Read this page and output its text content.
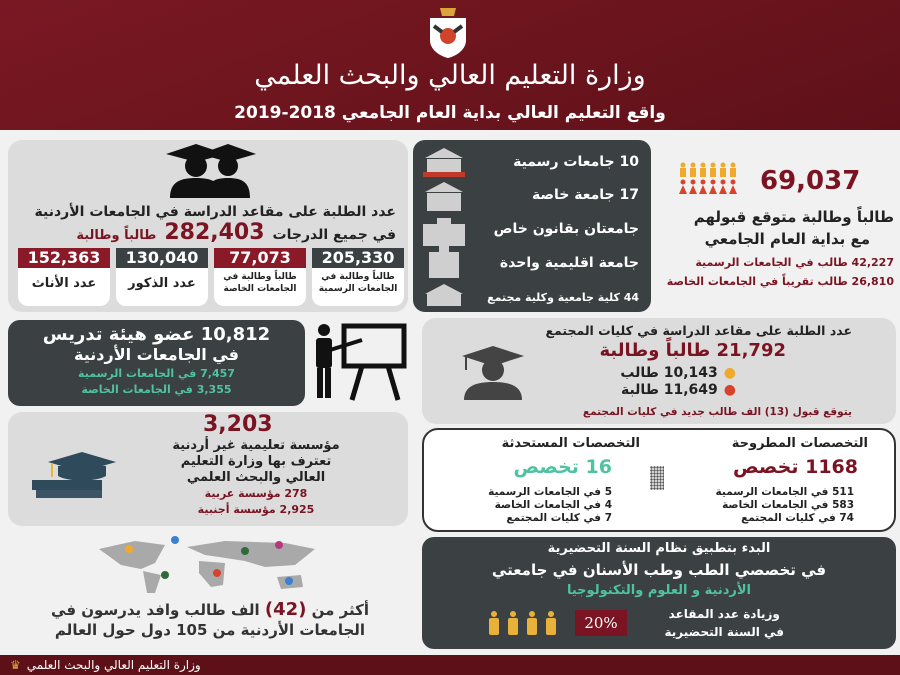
وزارة التعليم العالي والبحث العلمي
واقع التعليم العالي بداية العام الجامعي 2018-2019
عدد الطلبة على مقاعد الدراسة في الجامعات الأردنية
في جميع الدرجات
282,403
طالباً وطالبة
205,330
طالباً وطالبة في الجامعات الرسمية
77,073
طالباً وطالبة في الجامعات الخاصة
130,040
عدد الذكور
152,363
عدد الأناث
10 جامعات رسمية
17 جامعة خاصة
جامعتان بقانون خاص
جامعة اقليمية واحدة
44 كلية جامعية وكلية مجتمع
69,037
طالباً وطالبة متوقع قبولهم
مع بداية العام الجامعي
42,227 طالب في الجامعات الرسمية
26,810 طالب تقريباً في الجامعات الخاصة
10,812 عضو هيئة تدريس
في الجامعات الأردنية
7,457 في الجامعات الرسمية
3,355 في الجامعات الخاصة
عدد الطلبة على مقاعد الدراسة في كليات المجتمع
21,792 طالباً وطالبة
●
10,143 طالب
●
11,649 طالبة
يتوقع قبول (13) الف طالب جديد في كليات المجتمع
3,203
مؤسسة تعليمية غير أردنية
تعترف بها وزارة التعليم
العالي والبحث العلمي
278 مؤسسة عربية
2,925 مؤسسة أجنبية
التخصصات المطروحة
1168 تخصص
511 في الجامعات الرسمية
583 في الجامعات الخاصة
74 في كليات المجتمع
التخصصات المستحدثة
16 تخصص
5 في الجامعات الرسمية
4 في الجامعات الخاصة
7 في كليات المجتمع
أكثر من (42) الف طالب وافد يدرسون في
الجامعات الأردنية من 105 دول حول العالم
البدء بتطبيق نظام السنة التحضيرية
في تخصصي الطب وطب الأسنان في جامعتي
الأردنية و العلوم والتكنولوجيا
وزيادة عدد المقاعد
في السنة التحضيرية
20%
♛ وزارة التعليم العالي والبحث العلمي
